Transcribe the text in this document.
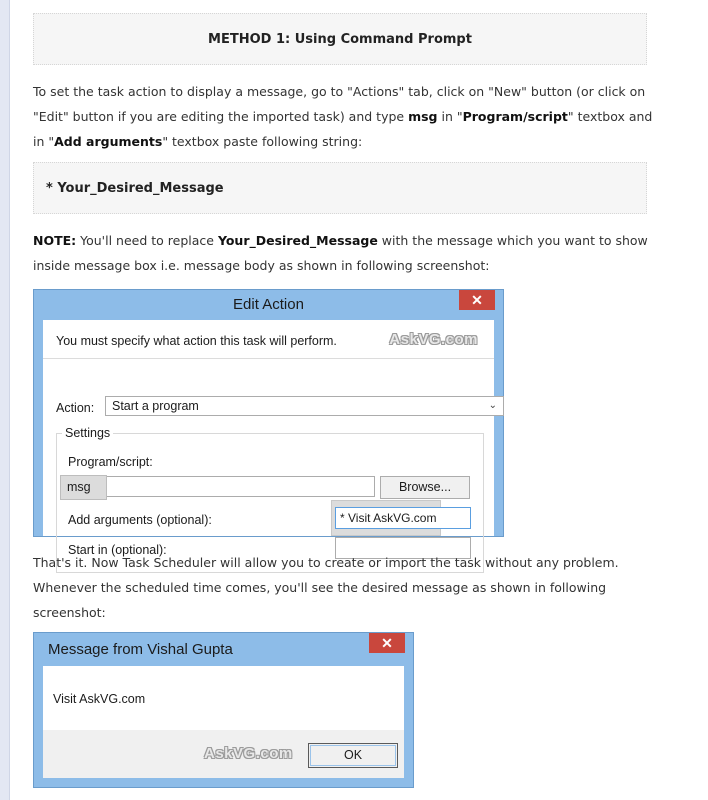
METHOD 1: Using Command Prompt
To set the task action to display a message, go to "Actions" tab, click on "New" button (or click on
"Edit" button if you are editing the imported task) and type msg in "Program/script" textbox and
in "Add arguments" textbox paste following string:
* Your_Desired_Message
NOTE: You'll need to replace Your_Desired_Message with the message which you want to show
inside message box i.e. message body as shown in following screenshot:
Edit Action	✕
You must specify what action this task will perform.	AskVG.com
Action:	Start a program	⌄
Settings
Program/script:
msg	Browse...
Add arguments (optional):	* Visit AskVG.com
Start in (optional):
That's it. Now Task Scheduler will allow you to create or import the task without any problem.
Whenever the scheduled time comes, you'll see the desired message as shown in following
screenshot:
Message from Vishal Gupta	✕
Visit AskVG.com
AskVG.com	OK
